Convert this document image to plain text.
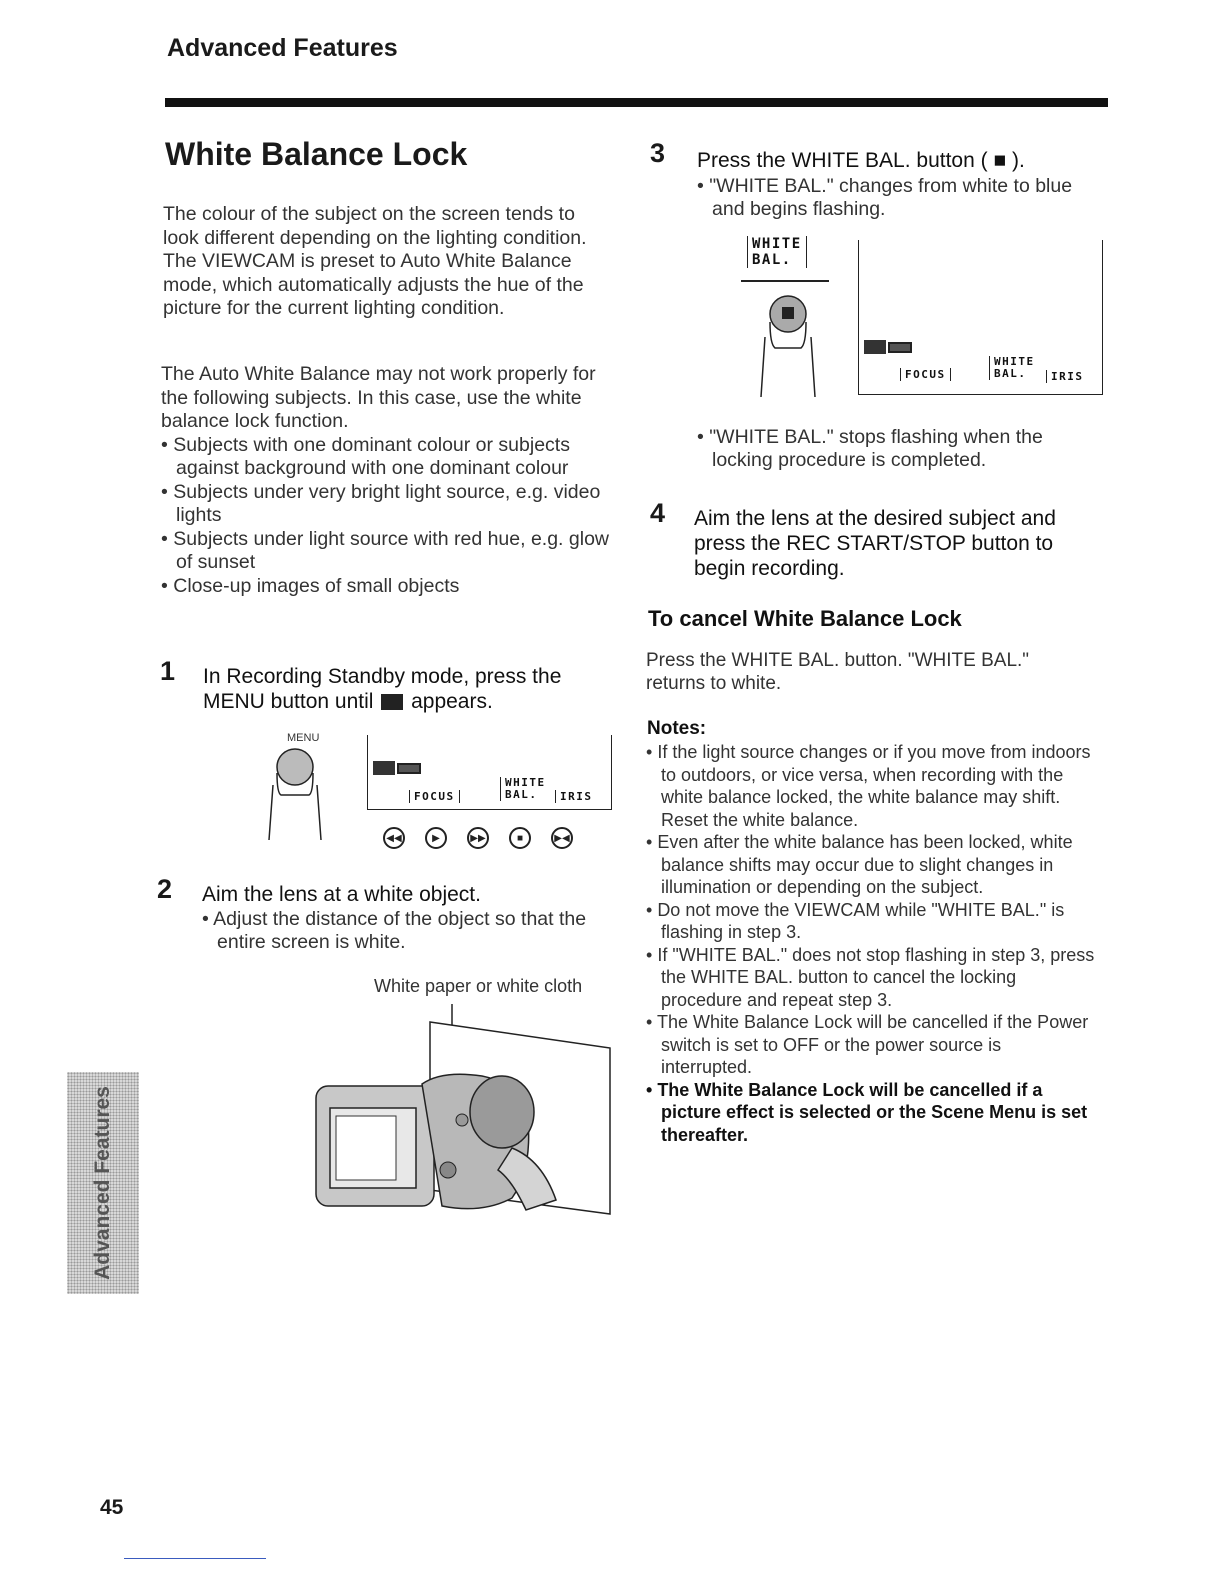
Advanced Features
White Balance Lock

The colour of the subject on the screen tends to look different depending on the lighting condition. The VIEWCAM is preset to Auto White Balance mode, which automatically adjusts the hue of the picture for the current lighting condition.

The Auto White Balance may not work properly for the following subjects. In this case, use the white balance lock function.

• Subjects with one dominant colour or subjects against background with one dominant colour
• Subjects under very bright light source, e.g. video lights
• Subjects under light source with red hue, e.g. glow of sunset
• Close-up images of small objects
1 In Recording Standby mode, press the MENU button until  appears.
MENU
FOCUS
WHITE
BAL.	IRIS
◀◀	▶	▶▶	■	▶◀
2 Aim the lens at a white object.
• Adjust the distance of the object so that the entire screen is white.
White paper or white cloth
3 Press the WHITE BAL. button ( ■ ).
• "WHITE BAL." changes from white to blue and begins flashing.
WHITE
BAL.
FOCUS
WHITE
BAL.	IRIS
• "WHITE BAL." stops flashing when the locking procedure is completed.
4 Aim the lens at the desired subject and press the REC START/STOP button to begin recording.
To cancel White Balance Lock
Press the WHITE BAL. button. "WHITE BAL." returns to white.
Notes:
• If the light source changes or if you move from indoors to outdoors, or vice versa, when recording with the white balance locked, the white balance may shift. Reset the white balance.
• Even after the white balance has been locked, white balance shifts may occur due to slight changes in illumination or depending on the subject.
• Do not move the VIEWCAM while "WHITE BAL." is flashing in step 3.
• If "WHITE BAL." does not stop flashing in step 3, press the WHITE BAL. button to cancel the locking procedure and repeat step 3.
• The White Balance Lock will be cancelled if the Power switch is set to OFF or the power source is interrupted.
• The White Balance Lock will be cancelled if a picture effect is selected or the Scene Menu is set thereafter.
Advanced Features
45
